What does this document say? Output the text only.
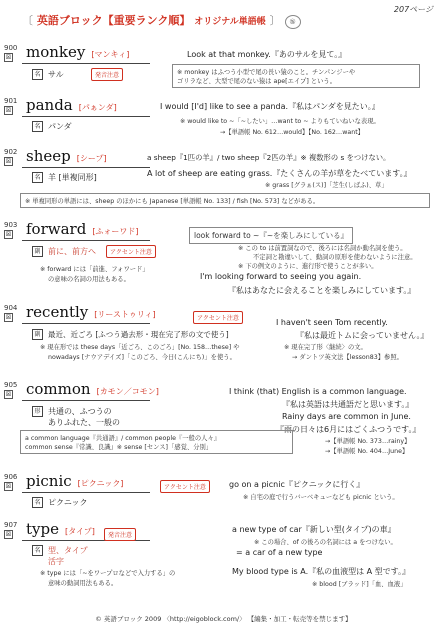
207ページ
〔 英語ブロック【重要ランク順】 オリジナル単語帳 〕 ⑤
900
☒ monkey [マンキィ]
名 サル	発音注意
Look at that monkey.『あのサルを見て。』
※ monkey はふつう小型で尾の長い猿のこと。チンパンジーや
ゴリラなど、大型で尾のない猿は ape[エイプ] という。
901
☒ panda [パぁンダ]
名 パンダ
I would [I'd] like to see a panda.『私はパンダを見たい。』
※ would like to ~「~したい」…want to ~ よりもていねいな表現。
→【単語帳 No. 612…would】【No. 162…want】
902
☒ sheep [シープ]
名 羊 [単複同形]
a sheep『1匹の羊』/ two sheep『2匹の羊』※ 複数形の s をつけない。
A lot of sheep are eating grass.『たくさんの羊が草をたべています。』
※ grass [グラぁ(ス)]「芝生(しばふ)、草」
※ 単複同形の単語には、sheep のほかにも Japanese [単語帳 No. 133] / fish [No. 573] などがある。
903
☒ forward [ふォーワド]
副 前に、前方へ	アクセント注意
※ forward には「前進、フォワード」
の意味の名詞の用法もある。
look forward to ~『~を楽しみにしている』
※ この to は前置詞なので、後ろには名詞か動名詞を使う。
不定詞と勘違いして、動詞の原形を使わないように注意。
※ 下の例文のように、進行形で使うことが多い。
I'm looking forward to seeing you again.
『私はあなたに会えることを楽しみにしています。』
904
☒ recently [リーストゥリィ]	アクセント注意
副	最近、近ごろ [ふつう過去形・現在完了形の文で使う]
※ 現在形では these days「近ごろ、このごろ」[No. 158…these] や
nowadays [ナウアデイズ]「このごろ、今日(こんにち)」を使う。
I haven't seen Tom recently.
『私は最近トムに会っていません。』
※ 現在完了形〈継続〉の文。
→ ダントツ英文法【lesson83】参照。
905
☒ common [カモン／コモン]
形 共通の、ふつうの
ありふれた、一般の
I think (that) English is a common language.
『私は英語は共通語だと思います。』
Rainy days are common in June.
『雨の日々は6月にはごくふつうです。』
→【単語帳 No. 373…rainy】
→【単語帳 No. 404…June】
a common language『共通語』/ common people『一般の人々』
common sense『常識、良識』※ sense [センス]「感覚、分別」
906
☒ picnic [ピクニック]	アクセント注意
名 ピクニック
go on a picnic『ピクニックに行く』
※ 自宅の庭で行うバーベキューなども picnic という。
907
☒ type [タイプ]	発音注意
名 型、タイプ
活字
※ type には「~をワープロなどで入力する」の
意味の動詞用法もある。
a new type of car『新しい型(タイプ)の車』
※ この場合、of の後ろの名詞には a をつけない。
= a car of a new type
My blood type is A.『私の血液型は A 型です。』
※ blood [ブラッド]「血、血液」
© 英語ブロック 2009 〈http://eigoblock.com/〉 【編集・加工・転売等を禁じます】
